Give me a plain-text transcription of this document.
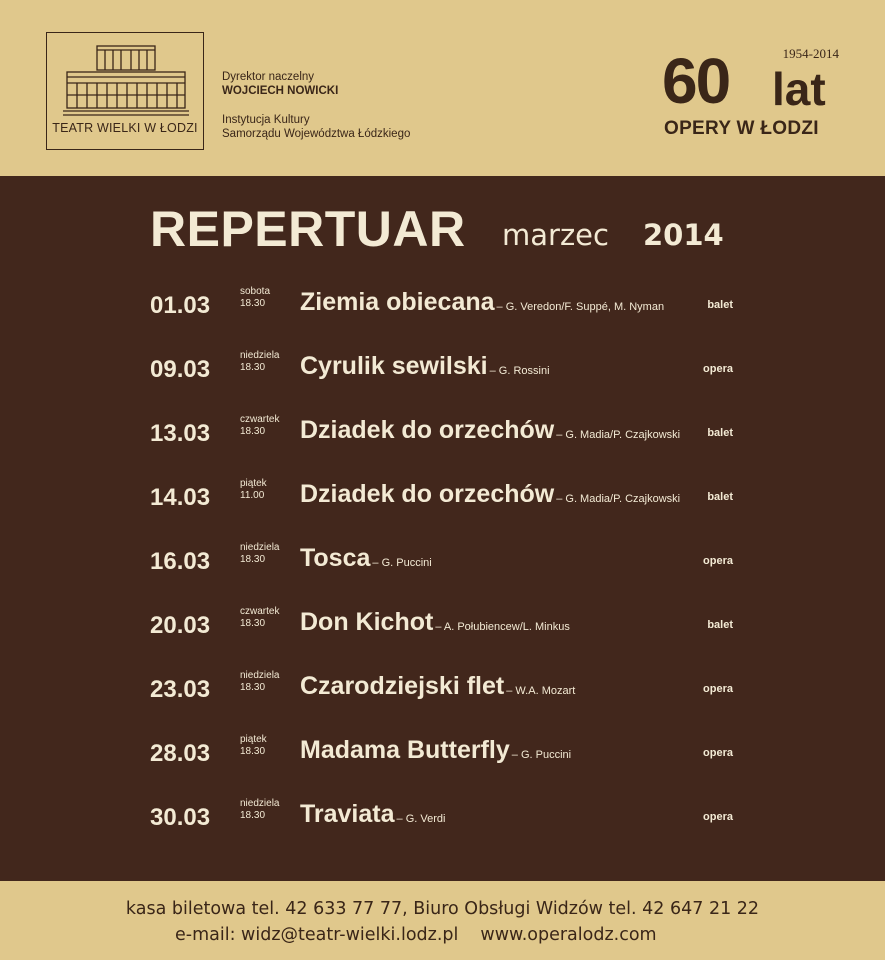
TEATR WIELKI W ŁODZI
Dyrektor naczelny
WOJCIECH NOWICKI
Instytucja Kultury
Samorządu Województwa Łódzkiego
1954-2014
60 lat
OPERY W ŁODZI
REPERTUAR marzec 2014
01.03
sobota
18.30 Ziemia obiecana – G. Veredon/F. Suppé, M. Nyman	balet
09.03
niedziela
18.30	Cyrulik sewilski – G. Rossini	opera
13.03
czwartek
18.30	Dziadek do orzechów – G. Madia/P. Czajkowski balet
14.03
piątek
11.00 Dziadek do orzechów – G. Madia/P. Czajkowski balet
16.03
niedziela
18.30	Tosca – G. Puccini	opera
20.03
czwartek
18.30	Don Kichot – A. Połubiencew/L. Minkus	balet
23.03
niedziela
18.30	Czarodziejski flet – W.A. Mozart	opera
28.03
piątek
18.30 Madama Butterfly – G. Puccini	opera
30.03
niedziela
18.30	Traviata – G. Verdi	opera
kasa biletowa tel. 42 633 77 77, Biuro Obsługi Widzów tel. 42 647 21 22
e-mail: widz@teatr-wielki.lodz.pl www.operalodz.com
